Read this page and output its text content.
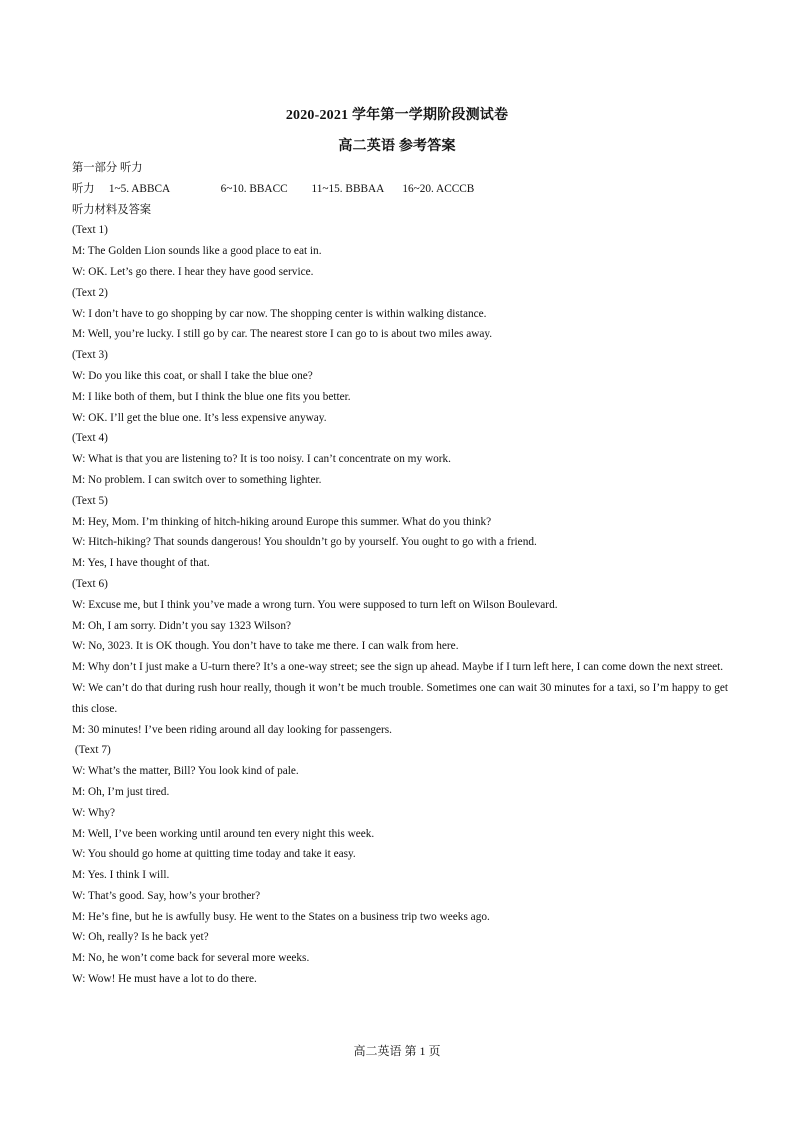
2020-2021 学年第一学期阶段测试卷
高二英语 参考答案
第一部分 听力
听力 1~5. ABBCA	6~10. BBACC 11~15. BBBAA 16~20. ACCCB
听力材料及答案
(Text 1)
M: The Golden Lion sounds like a good place to eat in.
W: OK. Let’s go there. I hear they have good service.
(Text 2)
W: I don’t have to go shopping by car now. The shopping center is within walking distance.
M: Well, you’re lucky. I still go by car. The nearest store I can go to is about two miles away.
(Text 3)
W: Do you like this coat, or shall I take the blue one?
M: I like both of them, but I think the blue one fits you better.
W: OK. I’ll get the blue one. It’s less expensive anyway.
(Text 4)
W: What is that you are listening to? It is too noisy. I can’t concentrate on my work.
M: No problem. I can switch over to something lighter.
(Text 5)
M: Hey, Mom. I’m thinking of hitch-hiking around Europe this summer. What do you think?
W: Hitch-hiking? That sounds dangerous! You shouldn’t go by yourself. You ought to go with a friend.
M: Yes, I have thought of that.
(Text 6)
W: Excuse me, but I think you’ve made a wrong turn. You were supposed to turn left on Wilson Boulevard.
M: Oh, I am sorry. Didn’t you say 1323 Wilson?
W: No, 3023. It is OK though. You don’t have to take me there. I can walk from here.
M: Why don’t I just make a U-turn there? It’s a one-way street; see the sign up ahead. Maybe if I turn left here, I can come down the next street.
W: We can’t do that during rush hour really, though it won’t be much trouble. Sometimes one can wait 30 minutes for a taxi, so I’m happy to get this close.
M: 30 minutes! I’ve been riding around all day looking for passengers.
(Text 7)
W: What’s the matter, Bill? You look kind of pale.
M: Oh, I’m just tired.
W: Why?
M: Well, I’ve been working until around ten every night this week.
W: You should go home at quitting time today and take it easy.
M: Yes. I think I will.
W: That’s good. Say, how’s your brother?
M: He’s fine, but he is awfully busy. He went to the States on a business trip two weeks ago.
W: Oh, really? Is he back yet?
M: No, he won’t come back for several more weeks.
W: Wow! He must have a lot to do there.
高二英语 第 1 页
